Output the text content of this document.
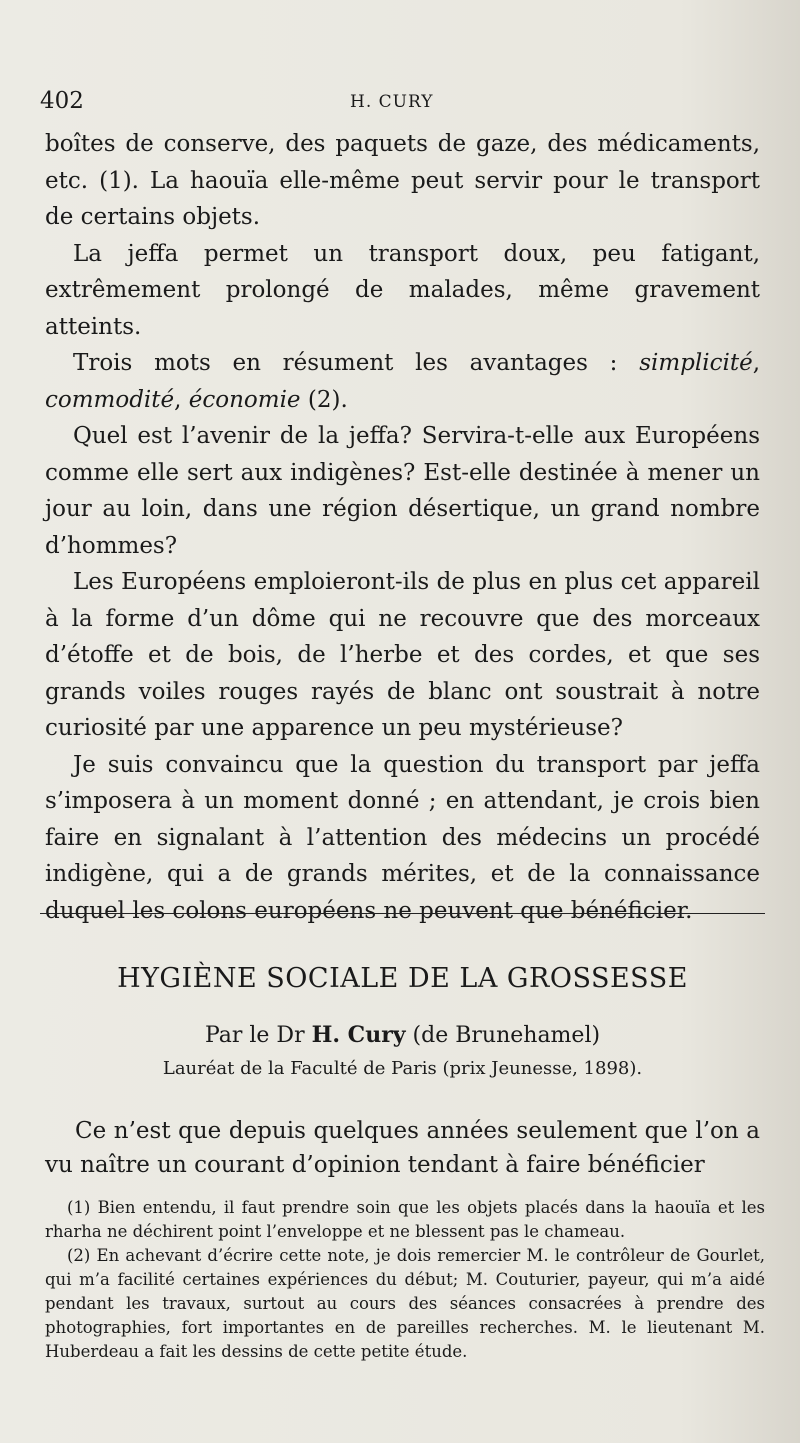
402	H. CURY

boîtes de conserve, des paquets de gaze, des médicaments, etc. (1). La haouïa elle-même peut servir pour le transport de certains objets.

La jeffa permet un transport doux, peu fatigant, extrêmement prolongé de malades, même gravement atteints.

Trois mots en résument les avantages : simplicité, commodité, économie (2).

Quel est l’avenir de la jeffa? Servira-t-elle aux Européens comme elle sert aux indigènes? Est-elle destinée à mener un jour au loin, dans une région désertique, un grand nombre d’hommes?

Les Européens emploieront-ils de plus en plus cet appareil à la forme d’un dôme qui ne recouvre que des morceaux d’étoffe et de bois, de l’herbe et des cordes, et que ses grands voiles rouges rayés de blanc ont soustrait à notre curiosité par une apparence un peu mystérieuse?

Je suis convaincu que la question du transport par jeffa s’imposera à un moment donné ; en attendant, je crois bien faire en signalant à l’attention des médecins un procédé indigène, qui a de grands mérites, et de la connaissance duquel les colons européens ne peuvent que bénéficier.

HYGIÈNE SOCIALE DE LA GROSSESSE
Par le Dr H. Cury (de Brunehamel)
Lauréat de la Faculté de Paris (prix Jeunesse, 1898).

Ce n’est que depuis quelques années seulement que l’on a vu naître un courant d’opinion tendant à faire bénéficier

(1) Bien entendu, il faut prendre soin que les objets placés dans la haouïa et les rharha ne déchirent point l’enveloppe et ne blessent pas le chameau.

(2) En achevant d’écrire cette note, je dois remercier M. le contrôleur de Gourlet, qui m’a facilité certaines expériences du début; M. Couturier, payeur, qui m’a aidé pendant les travaux, surtout au cours des séances consacrées à prendre des photographies, fort importantes en de pareilles recherches. M. le lieutenant M. Huberdeau a fait les dessins de cette petite étude.
